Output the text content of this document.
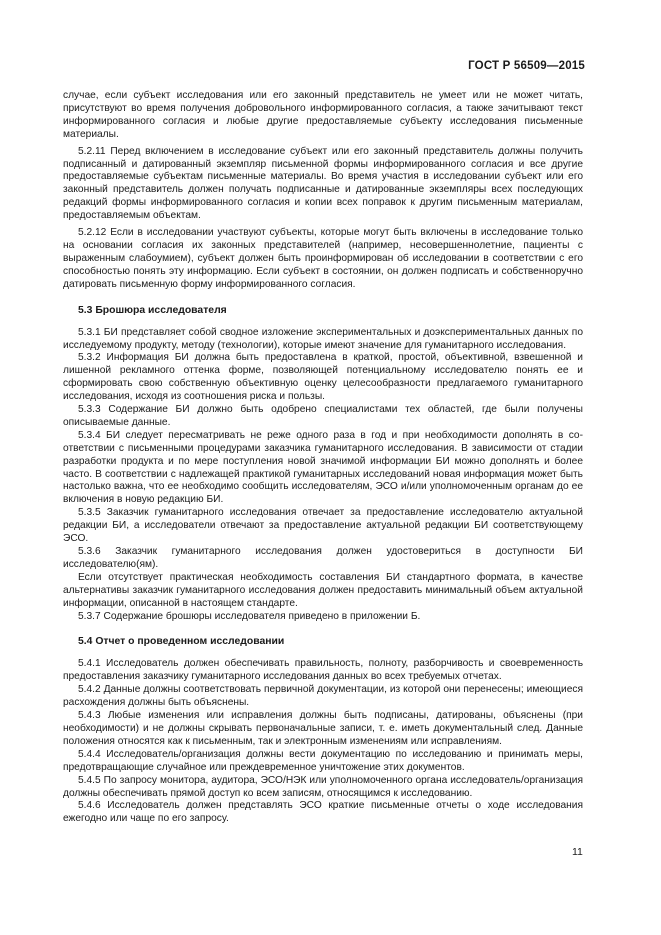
ГОСТ Р 56509—2015

случае, если субъект исследования или его законный представитель не умеет или не может читать, присутствуют во время получения добровольного информированного согласия, а также зачитывают текст информированного согласия и любые другие предоставляемые субъекту исследования письменные материалы.

5.2.11 Перед включением в исследование субъект или его законный представитель должны получить подписанный и датированный экземпляр письменной формы информированного согласия и все другие предоставляемые субъектам письменные материалы. Во время участия в исследовании субъект или его законный представитель должен получать подписанные и датированные экземпляры всех последующих редакций формы информированного согласия и копии всех поправок к другим письменным материалам, предоставляемым объектам.

5.2.12 Если в исследовании участвуют субъекты, которые могут быть включены в исследование только на основании согласия их законных представителей (например, несовершеннолетние, пациенты с выраженным слабоумием), субъект должен быть проинформирован об исследовании в соответствии с его способностью понять эту информацию. Если субъект в состоянии, он должен подписать и собственноручно датировать письменную форму информированного согласия.

5.3 Брошюра исследователя

5.3.1 БИ представляет собой сводное изложение экспериментальных и доэкспериментальных данных по исследуемому продукту, методу (технологии), которые имеют значение для гуманитарного исследования.

5.3.2 Информация БИ должна быть предоставлена в краткой, простой, объективной, взвешенной и лишенной рекламного оттенка форме, позволяющей потенциальному исследователю понять ее и сформировать свою собственную объективную оценку целесообразности предлагаемого гуманитарного исследования, исходя из соотношения риска и пользы.

5.3.3 Содержание БИ должно быть одобрено специалистами тех областей, где были получены описываемые данные.

5.3.4 БИ следует пересматривать не реже одного раза в год и при необходимости дополнять в соответствии с письменными процедурами заказчика гуманитарного исследования. В зависимости от стадии разработки продукта и по мере поступления новой значимой информации БИ можно дополнять и более часто. В соответствии с надлежащей практикой гуманитарных исследований новая информация может быть настолько важна, что ее необходимо сообщить исследователям, ЭСО и/или уполномоченным органам до ее включения в новую редакцию БИ.

5.3.5 Заказчик гуманитарного исследования отвечает за предоставление исследователю актуальной редакции БИ, а исследователи отвечают за предоставление актуальной редакции БИ соответствующему ЭСО.

5.3.6 Заказчик гуманитарного исследования должен удостовериться в доступности БИ исследователю(ям).

Если отсутствует практическая необходимость составления БИ стандартного формата, в качестве альтернативы заказчик гуманитарного исследования должен предоставить минимальный объем актуальной информации, описанной в настоящем стандарте.

5.3.7 Содержание брошюры исследователя приведено в приложении Б.

5.4 Отчет о проведенном исследовании

5.4.1 Исследователь должен обеспечивать правильность, полноту, разборчивость и своевременность предоставления заказчику гуманитарного исследования данных во всех требуемых отчетах.

5.4.2 Данные должны соответствовать первичной документации, из которой они перенесены; имеющиеся расхождения должны быть объяснены.

5.4.3 Любые изменения или исправления должны быть подписаны, датированы, объяснены (при необходимости) и не должны скрывать первоначальные записи, т. е. иметь документальный след. Данные положения относятся как к письменным, так и электронным изменениям или исправлениям.

5.4.4 Исследователь/организация должны вести документацию по исследованию и принимать меры, предотвращающие случайное или преждевременное уничтожение этих документов.

5.4.5 По запросу монитора, аудитора, ЭСО/НЭК или уполномоченного органа исследователь/организация должны обеспечивать прямой доступ ко всем записям, относящимся к исследованию.

5.4.6 Исследователь должен представлять ЭСО краткие письменные отчеты о ходе исследования ежегодно или чаще по его запросу.

11
